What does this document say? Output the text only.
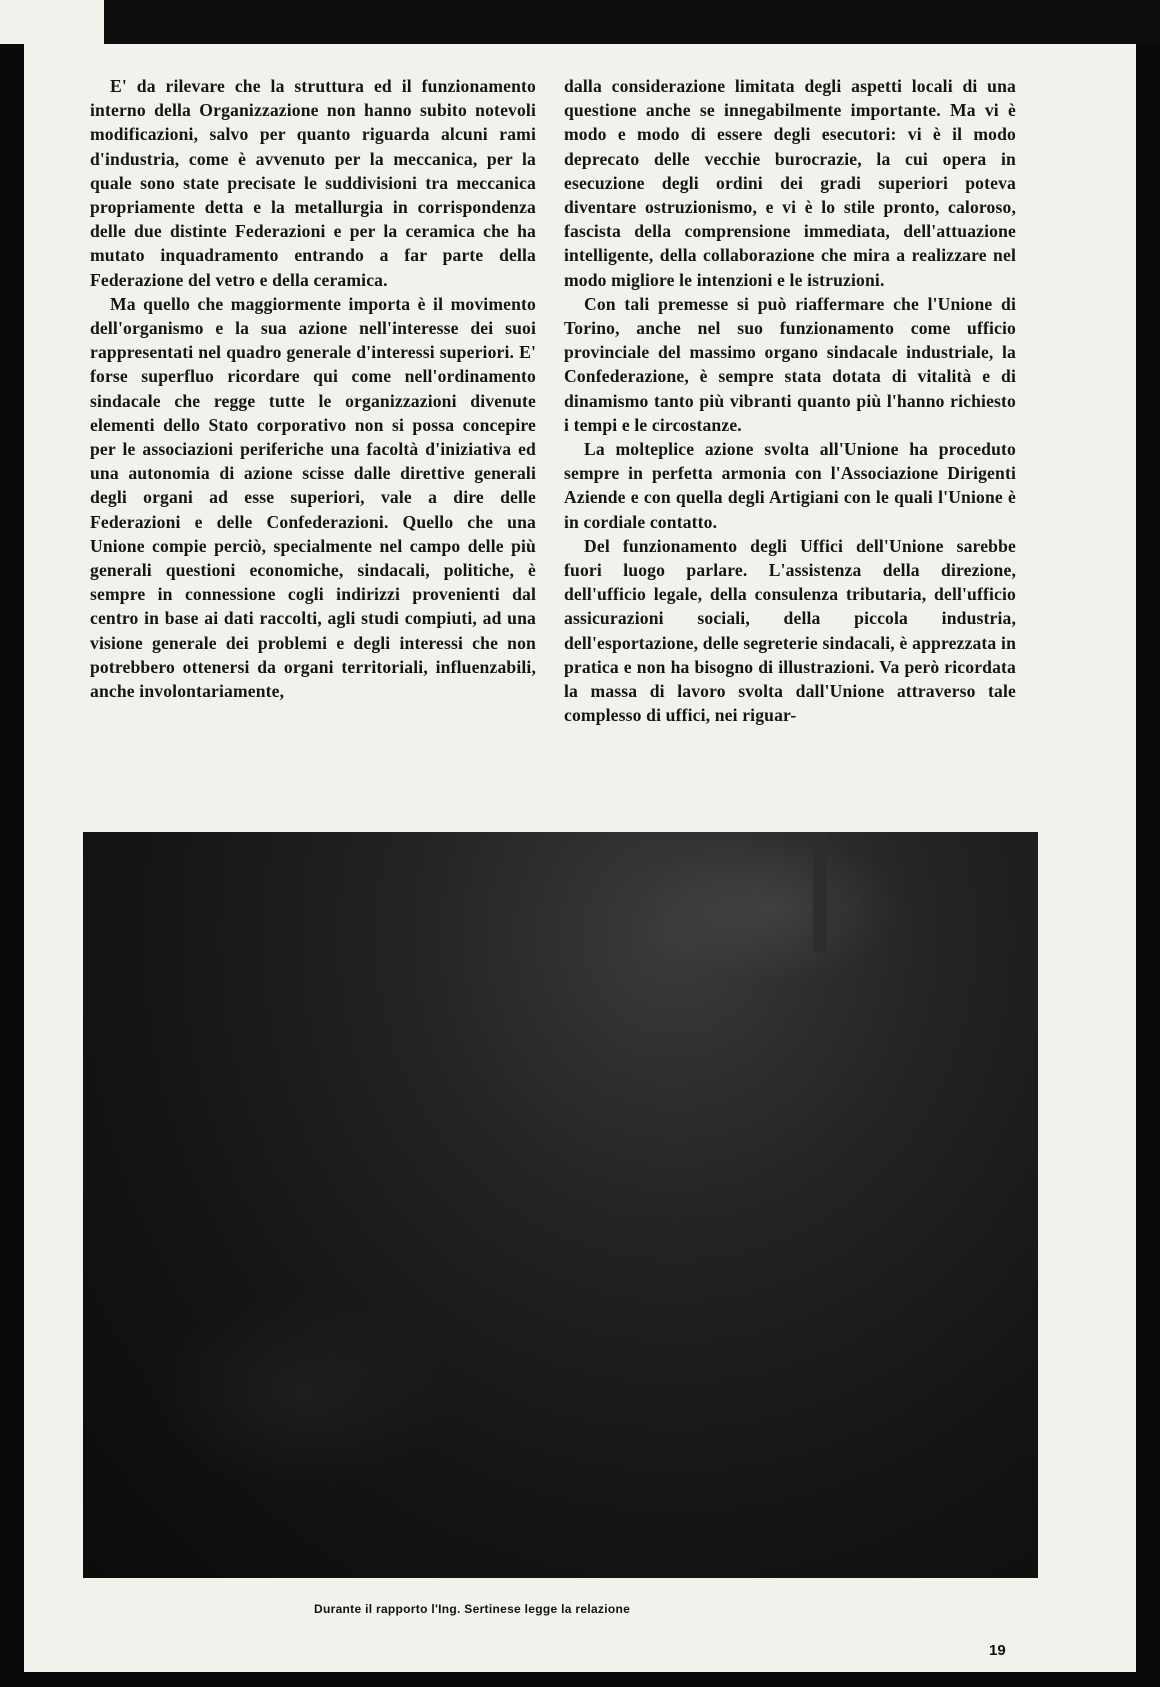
E' da rilevare che la struttura ed il funzionamento interno della Organizzazione non hanno subito notevoli modificazioni, salvo per quanto riguarda alcuni rami d'industria, come è avvenuto per la meccanica, per la quale sono state precisate le suddivisioni tra meccanica propriamente detta e la metallurgia in corrispondenza delle due distinte Federazioni e per la ceramica che ha mutato inquadramento entrando a far parte della Federazione del vetro e della ceramica.

Ma quello che maggiormente importa è il movimento dell'organismo e la sua azione nell'interesse dei suoi rappresentati nel quadro generale d'interessi superiori. E' forse superfluo ricordare qui come nell'ordinamento sindacale che regge tutte le organizzazioni divenute elementi dello Stato corporativo non si possa concepire per le associazioni periferiche una facoltà d'iniziativa ed una autonomia di azione scisse dalle direttive generali degli organi ad esse superiori, vale a dire delle Federazioni e delle Confederazioni. Quello che una Unione compie perciò, specialmente nel campo delle più generali questioni economiche, sindacali, politiche, è sempre in connessione cogli indirizzi provenienti dal centro in base ai dati raccolti, agli studi compiuti, ad una visione generale dei problemi e degli interessi che non potrebbero ottenersi da organi territoriali, influenzabili, anche involontariamente,

dalla considerazione limitata degli aspetti locali di una questione anche se innegabilmente importante. Ma vi è modo e modo di essere degli esecutori: vi è il modo deprecato delle vecchie burocrazie, la cui opera in esecuzione degli ordini dei gradi superiori poteva diventare ostruzionismo, e vi è lo stile pronto, caloroso, fascista della comprensione immediata, dell'attuazione intelligente, della collaborazione che mira a realizzare nel modo migliore le intenzioni e le istruzioni.

Con tali premesse si può riaffermare che l'Unione di Torino, anche nel suo funzionamento come ufficio provinciale del massimo organo sindacale industriale, la Confederazione, è sempre stata dotata di vitalità e di dinamismo tanto più vibranti quanto più l'hanno richiesto i tempi e le circostanze.

La molteplice azione svolta all'Unione ha proceduto sempre in perfetta armonia con l'Associazione Dirigenti Aziende e con quella degli Artigiani con le quali l'Unione è in cordiale contatto.

Del funzionamento degli Uffici dell'Unione sarebbe fuori luogo parlare. L'assistenza della direzione, dell'ufficio legale, della consulenza tributaria, dell'ufficio assicurazioni sociali, della piccola industria, dell'esportazione, delle segreterie sindacali, è apprezzata in pratica e non ha bisogno di illustrazioni. Va però ricordata la massa di lavoro svolta dall'Unione attraverso tale complesso di uffici, nei riguar-

Durante il rapporto l'Ing. Sertinese legge la relazione
19
